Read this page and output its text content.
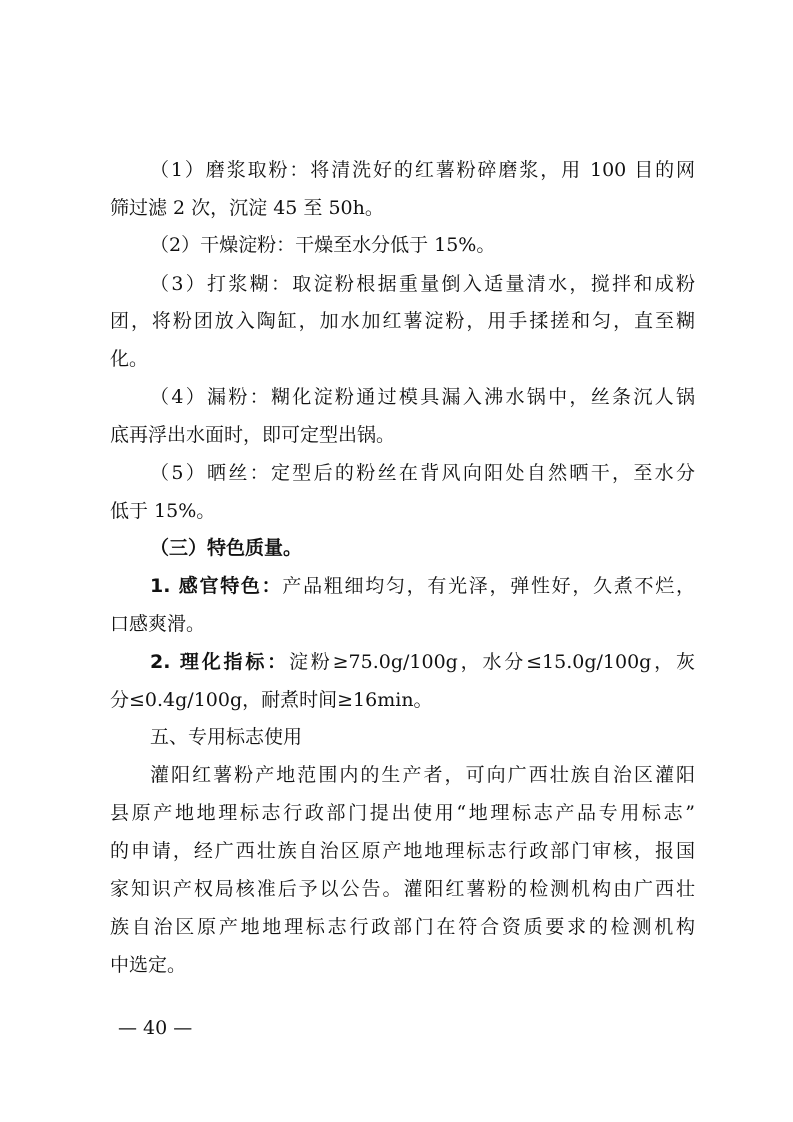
（1）磨浆取粉：将清洗好的红薯粉碎磨浆，用 100 目的网
筛过滤 2 次，沉淀 45 至 50h。
（2）干燥淀粉：干燥至水分低于 15%。
（3）打浆糊：取淀粉根据重量倒入适量清水，搅拌和成粉
团，将粉团放入陶缸，加水加红薯淀粉，用手揉搓和匀，直至糊
化。
（4）漏粉：糊化淀粉通过模具漏入沸水锅中，丝条沉人锅
底再浮出水面时，即可定型出锅。
（5）晒丝：定型后的粉丝在背风向阳处自然晒干，至水分
低于 15%。
（三）特色质量。
1. 感官特色：产品粗细均匀，有光泽，弹性好，久煮不烂，
口感爽滑。
2. 理化指标：淀粉≥75.0g/100g，水分≤15.0g/100g，灰
分≤0.4g/100g，耐煮时间≥16min。
五、专用标志使用
灌阳红薯粉产地范围内的生产者，可向广西壮族自治区灌阳
县原产地地理标志行政部门提出使用“地理标志产品专用标志”
的申请，经广西壮族自治区原产地地理标志行政部门审核，报国
家知识产权局核准后予以公告。灌阳红薯粉的检测机构由广西壮
族自治区原产地地理标志行政部门在符合资质要求的检测机构
中选定。
— 40 —
